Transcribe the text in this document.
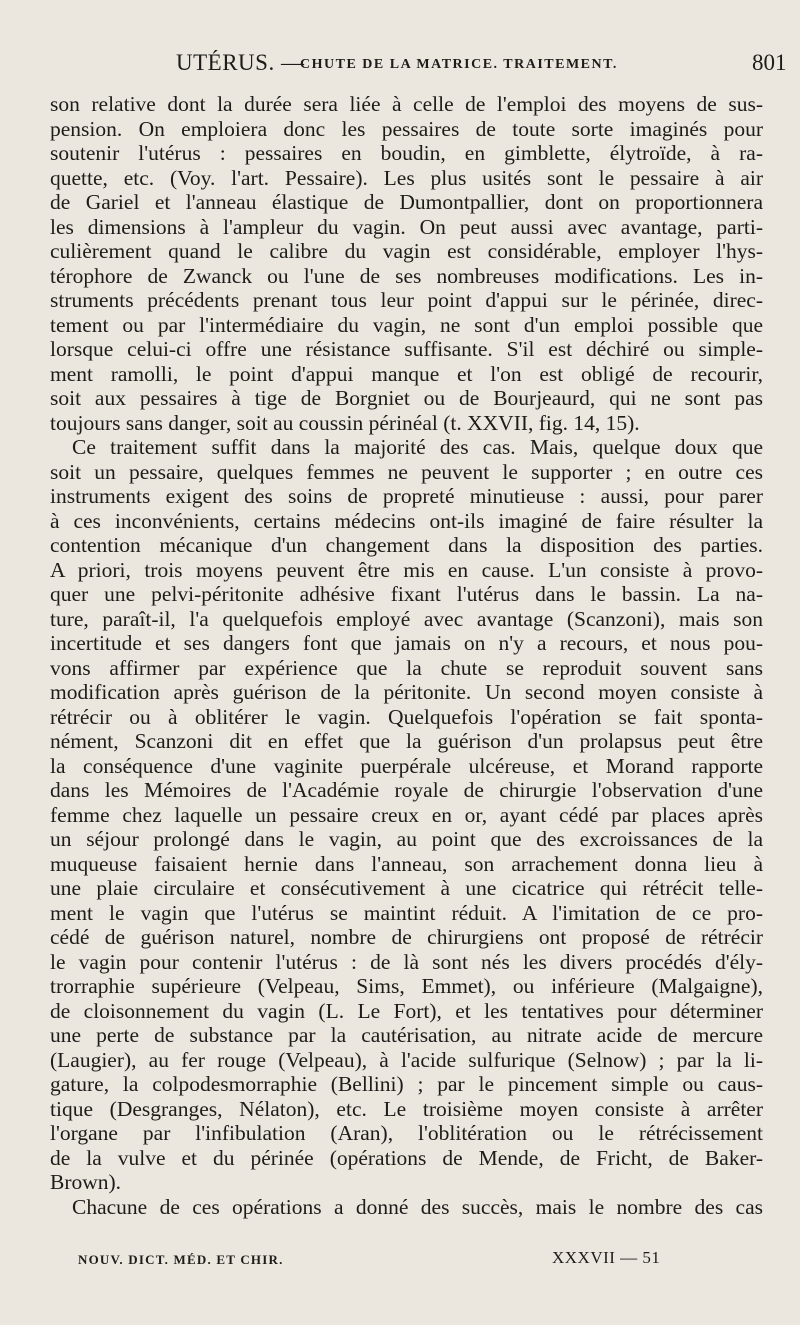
UTÉRUS. —
CHUTE DE LA MATRICE. TRAITEMENT.	801
son relative dont la durée sera liée à celle de l'emploi des moyens de sus-
pension. On emploiera donc les pessaires de toute sorte imaginés pour
soutenir l'utérus : pessaires en boudin, en gimblette, élytroïde, à ra-
quette, etc. (Voy. l'art. Pessaire). Les plus usités sont le pessaire à air
de Gariel et l'anneau élastique de Dumontpallier, dont on proportionnera
les dimensions à l'ampleur du vagin. On peut aussi avec avantage, parti-
culièrement quand le calibre du vagin est considérable, employer l'hys-
térophore de Zwanck ou l'une de ses nombreuses modifications. Les in-
struments précédents prenant tous leur point d'appui sur le périnée, direc-
tement ou par l'intermédiaire du vagin, ne sont d'un emploi possible que
lorsque celui-ci offre une résistance suffisante. S'il est déchiré ou simple-
ment ramolli, le point d'appui manque et l'on est obligé de recourir,
soit aux pessaires à tige de Borgniet ou de Bourjeaurd, qui ne sont pas
toujours sans danger, soit au coussin périnéal (t. XXVII, fig. 14, 15).
Ce traitement suffit dans la majorité des cas. Mais, quelque doux que
soit un pessaire, quelques femmes ne peuvent le supporter ; en outre ces
instruments exigent des soins de propreté minutieuse : aussi, pour parer
à ces inconvénients, certains médecins ont-ils imaginé de faire résulter la
contention mécanique d'un changement dans la disposition des parties.
A priori, trois moyens peuvent être mis en cause. L'un consiste à provo-
quer une pelvi-péritonite adhésive fixant l'utérus dans le bassin. La na-
ture, paraît-il, l'a quelquefois employé avec avantage (Scanzoni), mais son
incertitude et ses dangers font que jamais on n'y a recours, et nous pou-
vons affirmer par expérience que la chute se reproduit souvent sans
modification après guérison de la péritonite. Un second moyen consiste à
rétrécir ou à oblitérer le vagin. Quelquefois l'opération se fait sponta-
nément, Scanzoni dit en effet que la guérison d'un prolapsus peut être
la conséquence d'une vaginite puerpérale ulcéreuse, et Morand rapporte
dans les Mémoires de l'Académie royale de chirurgie l'observation d'une
femme chez laquelle un pessaire creux en or, ayant cédé par places après
un séjour prolongé dans le vagin, au point que des excroissances de la
muqueuse faisaient hernie dans l'anneau, son arrachement donna lieu à
une plaie circulaire et consécutivement à une cicatrice qui rétrécit telle-
ment le vagin que l'utérus se maintint réduit. A l'imitation de ce pro-
cédé de guérison naturel, nombre de chirurgiens ont proposé de rétrécir
le vagin pour contenir l'utérus : de là sont nés les divers procédés d'ély-
trorraphie supérieure (Velpeau, Sims, Emmet), ou inférieure (Malgaigne),
de cloisonnement du vagin (L. Le Fort), et les tentatives pour déterminer
une perte de substance par la cautérisation, au nitrate acide de mercure
(Laugier), au fer rouge (Velpeau), à l'acide sulfurique (Selnow) ; par la li-
gature, la colpodesmorraphie (Bellini) ; par le pincement simple ou caus-
tique (Desgranges, Nélaton), etc. Le troisième moyen consiste à arrêter
l'organe par l'infibulation (Aran), l'oblitération ou le rétrécissement
de la vulve et du périnée (opérations de Mende, de Fricht, de Baker-
Brown).
Chacune de ces opérations a donné des succès, mais le nombre des cas
NOUV. DICT. MÉD. ET CHIR.	XXXVII — 51
